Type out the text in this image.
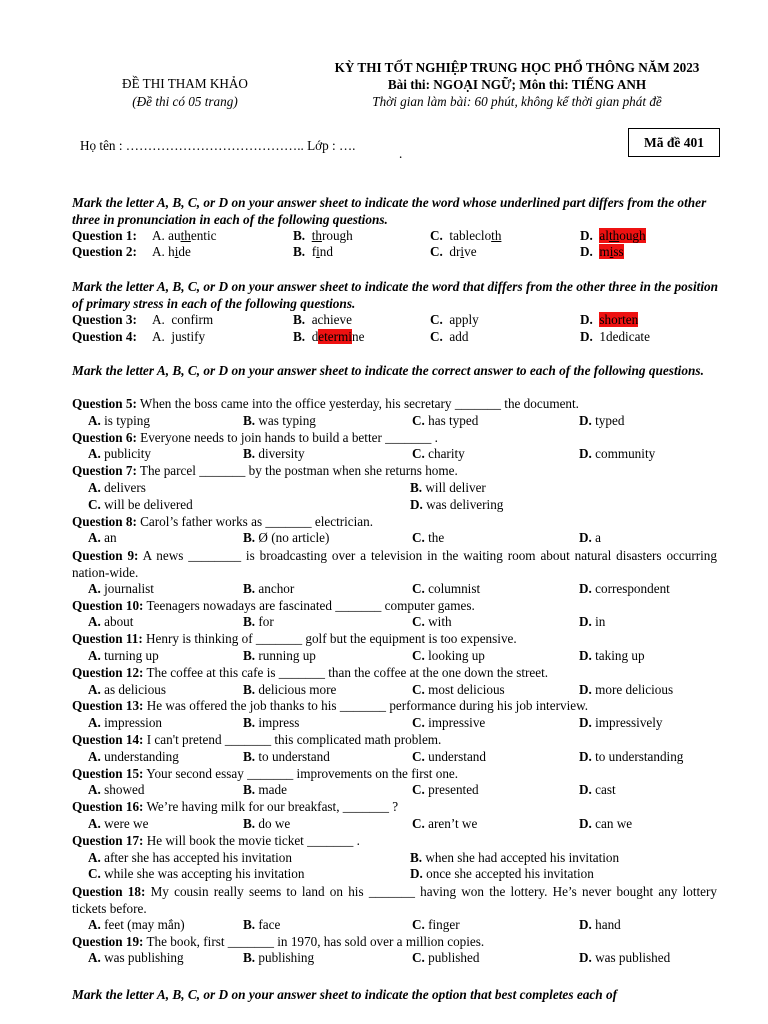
ĐỀ THI THAM KHẢO
(Đề thi có 05 trang)
KỲ THI TỐT NGHIỆP TRUNG HỌC PHỔ THÔNG NĂM 2023
Bài thi: NGOẠI NGỮ; Môn thi: TIẾNG ANH
Thời gian làm bài: 60 phút, không kể thời gian phát đề
Họ tên : ………………………………….. Lớp : ….
.
Mã đề 401
Mark the letter A, B, C, or D on your answer sheet to indicate the word whose underlined part differs from the other three in pronunciation in each of the following questions.
Question 1: A. authentic	B. through	C. tablecloth	D. although
Question 2: A. hide	B. find	C. drive	D. miss
Mark the letter A, B, C, or D on your answer sheet to indicate the word that differs from the other three in the position of primary stress in each of the following questions.
Question 3: A. confirm	B. achieve	C. apply	D. shorten
Question 4: A. justify	B. determine	C. add	D. 1dedicate
Mark the letter A, B, C, or D on your answer sheet to indicate the correct answer to each of the following questions.
Question 5: When the boss came into the office yesterday, his secretary _______ the document.
A. is typing	B. was typing	C. has typed	D. typed
Question 6: Everyone needs to join hands to build a better _______ .
A. publicity	B. diversity	C. charity	D. community
Question 7: The parcel _______ by the postman when she returns home.
A. delivers	B. will deliver
C. will be delivered	D. was delivering
Question 8: Carol’s father works as _______ electrician.
A. an	B. Ø (no article)	C. the	D. a
Question 9: A news ________ is broadcasting over a television in the waiting room about natural disasters occurring nation-wide.
A. journalist	B. anchor	C. columnist	D. correspondent
Question 10: Teenagers nowadays are fascinated _______ computer games.
A. about	B. for	C. with	D. in
Question 11: Henry is thinking of _______ golf but the equipment is too expensive.
A. turning up	B. running up	C. looking up	D. taking up
Question 12: The coffee at this cafe is _______ than the coffee at the one down the street.
A. as delicious	B. delicious more	C. most delicious	D. more delicious
Question 13: He was offered the job thanks to his _______ performance during his job interview.
A. impression	B. impress	C. impressive	D. impressively
Question 14: I can't pretend _______ this complicated math problem.
A. understanding	B. to understand	C. understand	D. to understanding
Question 15: Your second essay _______ improvements on the first one.
A. showed	B. made	C. presented	D. cast
Question 16: We’re having milk for our breakfast, _______ ?
A. were we	B. do we	C. aren’t we	D. can we
Question 17: He will book the movie ticket _______ .
A. after she has accepted his invitation	B. when she had accepted his invitation
C. while she was accepting his invitation	D. once she accepted his invitation
Question 18: My cousin really seems to land on his _______ having won the lottery. He’s never bought any lottery tickets before.
A. feet (may mắn)	B. face	C. finger	D. hand
Question 19: The book, first _______ in 1970, has sold over a million copies.
A. was publishing	B. publishing	C. published	D. was published
Mark the letter A, B, C, or D on your answer sheet to indicate the option that best completes each of
